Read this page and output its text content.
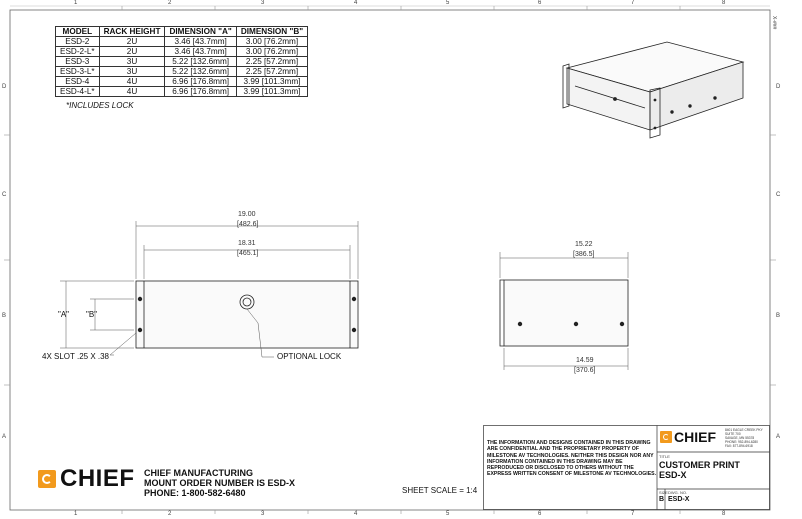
1	2	3	4	5	6	7	8
1	2	3	4	5	6	7	8
D
C
B
A
D
C
B
A
X-###
MODEL	RACK HEIGHT	DIMENSION "A"	DIMENSION "B"
ESD-2	2U	3.46 [43.7mm]	3.00 [76.2mm]
ESD-2-L*	2U	3.46 [43.7mm]	3.00 [76.2mm]
ESD-3	3U	5.22 [132.6mm]	2.25 [57.2mm]
ESD-3-L*	3U	5.22 [132.6mm]	2.25 [57.2mm]
ESD-4	4U	6.96 [176.8mm]	3.99 [101.3mm]
ESD-4-L*	4U	6.96 [176.8mm]	3.99 [101.3mm]
*INCLUDES LOCK
19.00
[482.6]
18.31
[465.1]
"A" "B"
4X SLOT .25 X .38	OPTIONAL LOCK
15.22
[386.5]
14.59
[370.6]
CHIEF CHIEF MANUFACTURING
MOUNT ORDER NUMBER IS ESD-X
PHONE: 1-800-582-6480	SHEET SCALE = 1:4
THE INFORMATION AND DESIGNS CONTAINED IN THIS DRAWING ARE CONFIDENTIAL AND THE PROPRIETARY PROPERTY OF MILESTONE AV TECHNOLOGIES. NEITHER THIS DESIGN NOR ANY INFORMATION CONTAINED IN THIS DRAWING MAY BE REPRODUCED OR DISCLOSED TO OTHERS WITHOUT THE EXPRESS WRITTEN CONSENT OF MILESTONE AV TECHNOLOGIES.
CHIEF	8401 EAGLE CREEK PKY SUITE 700
SAVAGE, MN 55378
PHONE: 952-894-6280
FAX: 877-894-6918
TITLE
CUSTOMER PRINT
ESD-X
SIZE DWG. NO.
B ESD-X
